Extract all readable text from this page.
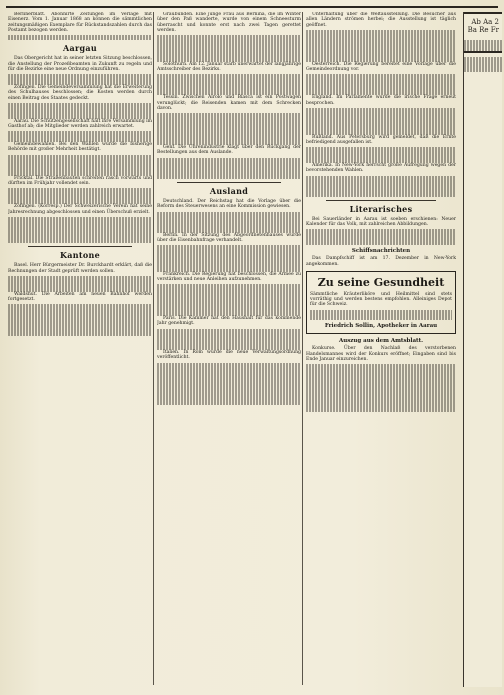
Berlinerblatt. Abonnirte Zeitungen im Verlage mit Eisenerz. Vom 1. Januar 1868 an können die sämmtlichen zeitungsmäßigen Exemplare für Rückstandszahlen durch das Postamt bezogen werden.

Aargau

Das Obergericht hat in seiner letzten Sitzung beschlossen, die Anstellung der Prozeßbeamten in Zukunft zu regeln und für die Bezirke eine neue Ordnung einzuführen.

Zofingen. Die Gemeindeversammlung hat die Erweiterung des Schulhauses beschlossen; die Kosten werden durch einen Beitrag des Staates gedeckt.

Aarau. Die Schützengesellschaft hält ihre Versammlung im Gasthof ab; die Mitglieder werden zahlreich erwartet.

Gemeindewahlen. Bei den Wahlen wurde die bisherige Behörde mit großer Mehrheit bestätigt.

Fricktal. Die Straßenbauten schreiten rasch vorwärts und dürften im Frühjahr vollendet sein.

Zofingen. (Korresp.) Der Schweizerische Verein hat seine Jahresrechnung abgeschlossen und einen Überschuß erzielt.

Kantone

Basel. Herr Bürgermeister Dr. Burckhardt erklärt, daß die Rechnungen der Stadt geprüft werden sollen.

Waldshut. Die Arbeiten am neuen Bahnhof werden fortgesetzt.

Graubünden. Eine junge Frau aus Bernina, die im Winter über den Paß wanderte, wurde von einem Schneesturm überrascht und konnte erst nach zwei Tagen gerettet werden.

Solothurn. Am 12. Januar starb unerwartet der langjährige Amtsschreiber des Bezirks.

Tessin. Zwischen Airolo und Biasca ist ein Postwagen verunglückt; die Reisenden kamen mit dem Schrecken davon.

Genf. Die Uhrenindustrie klagt über den Rückgang der Bestellungen aus dem Auslande.

Ausland

Deutschland. Der Reichstag hat die Vorlage über die Reform des Steuerwesens an eine Kommission gewiesen.

Berlin. In der Sitzung des Abgeordnetenhauses wurde über die Eisenbahnfrage verhandelt.

Frankreich. Die Regierung hat beschlossen, die Armee zu verstärken und neue Anleihen aufzunehmen.

Paris. Die Kammer hat den Haushalt für das kommende Jahr genehmigt.

Italien. In Rom wurde die neue Verwaltungsordnung veröffentlicht.

Unterhaltung über die Weltausstellung. Die Besucher aus allen Ländern strömen herbei; die Ausstellung ist täglich geöffnet.

Oesterreich. Die Regierung bereitet eine Vorlage über die Gemeindeordnung vor.

England. Im Parlamente wurde die irische Frage erneut besprochen.

Rußland. Aus Petersburg wird gemeldet, daß die Ernte befriedigend ausgefallen ist.

Amerika. In New-York herrscht große Aufregung wegen der bevorstehenden Wahlen.

Literarisches

Bei Sauerländer in Aarau ist soeben erschienen: Neuer Kalender für das Volk, mit zahlreichen Abbildungen.

Schiffsnachrichten

Das Dampfschiff ist am 17. Dezember in New-York angekommen.

Zu seine Gesundheit

Sämmtliche Kräuterliköre und Heilmittel sind stets vorräthig und werden bestens empfohlen. Alleiniges Depot für die Schweiz.

Friedrich Sollin, Apotheker in Aarau
Auszug aus dem Amtsblatt.

Konkurse. Über den Nachlaß des verstorbenen Handelsmannes wird der Konkurs eröffnet; Eingaben sind bis Ende Januar einzureichen.

Ab Aa 2 Ba Re Fr
